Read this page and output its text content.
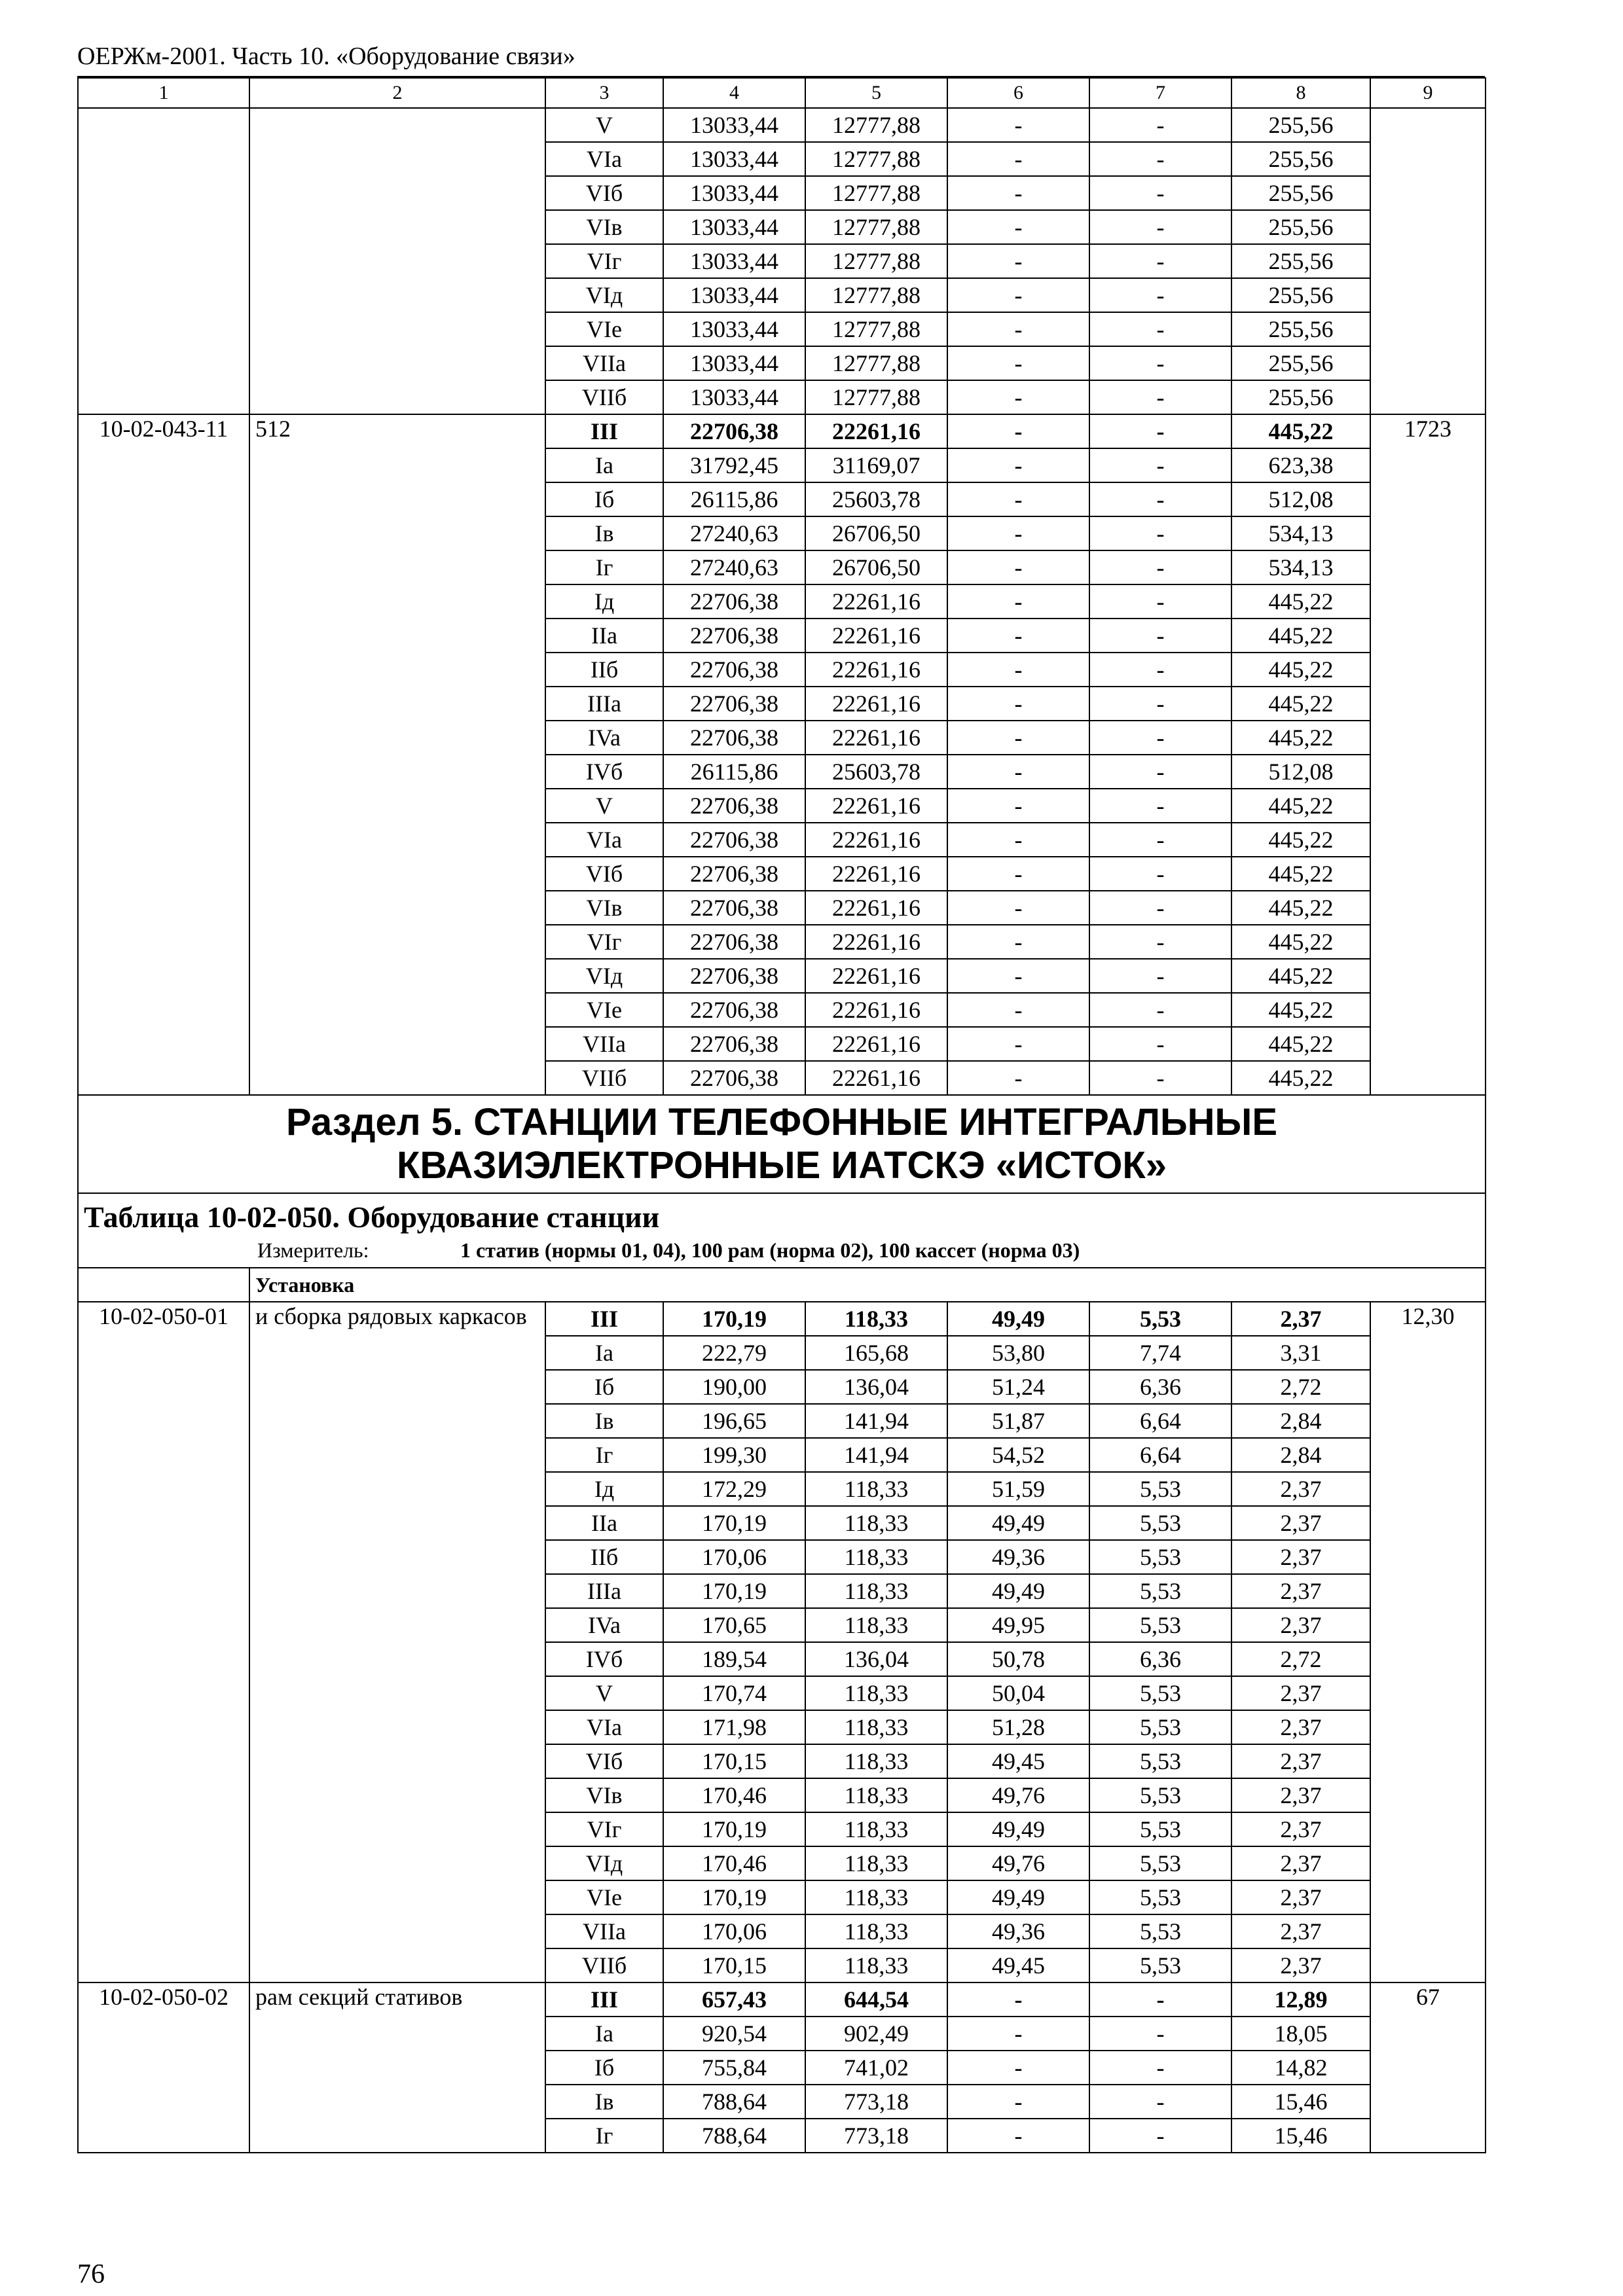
ОЕРЖм-2001. Часть 10. «Оборудование связи»
1	2	3	4	5	6	7	8	9
		V	13033,44	12777,88	-	-	255,56	
		VIa	13033,44	12777,88	-	-	255,56	
		VIб	13033,44	12777,88	-	-	255,56	
		VIв	13033,44	12777,88	-	-	255,56	
		VIг	13033,44	12777,88	-	-	255,56	
		VIд	13033,44	12777,88	-	-	255,56	
		VIe	13033,44	12777,88	-	-	255,56	
		VIIa	13033,44	12777,88	-	-	255,56	
		VIIб	13033,44	12777,88	-	-	255,56	
10-02-043-11	512	III	22706,38	22261,16	-	-	445,22	1723
		Ia	31792,45	31169,07	-	-	623,38	
		Iб	26115,86	25603,78	-	-	512,08	
		Iв	27240,63	26706,50	-	-	534,13	
		Iг	27240,63	26706,50	-	-	534,13	
		Iд	22706,38	22261,16	-	-	445,22	
		IIa	22706,38	22261,16	-	-	445,22	
		IIб	22706,38	22261,16	-	-	445,22	
		IIIa	22706,38	22261,16	-	-	445,22	
		IVa	22706,38	22261,16	-	-	445,22	
		IVб	26115,86	25603,78	-	-	512,08	
		V	22706,38	22261,16	-	-	445,22	
		VIa	22706,38	22261,16	-	-	445,22	
		VIб	22706,38	22261,16	-	-	445,22	
		VIв	22706,38	22261,16	-	-	445,22	
		VIг	22706,38	22261,16	-	-	445,22	
		VIд	22706,38	22261,16	-	-	445,22	
		VIe	22706,38	22261,16	-	-	445,22	
		VIIa	22706,38	22261,16	-	-	445,22	
		VIIб	22706,38	22261,16	-	-	445,22	

Раздел 5. СТАНЦИИ ТЕЛЕФОННЫЕ ИНТЕГРАЛЬНЫЕ
КВАЗИЭЛЕКТРОННЫЕ ИАТСКЭ «ИСТОК»								

Таблица 10-02-050. Оборудование станции
Измеритель: 1 статив (нормы 01, 04), 100 рам (норма 02), 100 кассет (норма 03)								

	Установка							
10-02-050-01	и сборка рядовых каркасов	III	170,19	118,33	49,49	5,53	2,37	12,30
		Ia	222,79	165,68	53,80	7,74	3,31	
		Iб	190,00	136,04	51,24	6,36	2,72	
		Iв	196,65	141,94	51,87	6,64	2,84	
		Iг	199,30	141,94	54,52	6,64	2,84	
		Iд	172,29	118,33	51,59	5,53	2,37	
		IIa	170,19	118,33	49,49	5,53	2,37	
		IIб	170,06	118,33	49,36	5,53	2,37	
		IIIa	170,19	118,33	49,49	5,53	2,37	
		IVa	170,65	118,33	49,95	5,53	2,37	
		IVб	189,54	136,04	50,78	6,36	2,72	
		V	170,74	118,33	50,04	5,53	2,37	
		VIa	171,98	118,33	51,28	5,53	2,37	
		VIб	170,15	118,33	49,45	5,53	2,37	
		VIв	170,46	118,33	49,76	5,53	2,37	
		VIг	170,19	118,33	49,49	5,53	2,37	
		VIд	170,46	118,33	49,76	5,53	2,37	
		VIe	170,19	118,33	49,49	5,53	2,37	
		VIIa	170,06	118,33	49,36	5,53	2,37	
		VIIб	170,15	118,33	49,45	5,53	2,37	
10-02-050-02	рам секций стативов	III	657,43	644,54	-	-	12,89	67
		Ia	920,54	902,49	-	-	18,05	
		Iб	755,84	741,02	-	-	14,82	
		Iв	788,64	773,18	-	-	15,46	
		Iг	788,64	773,18	-	-	15,46	
76
